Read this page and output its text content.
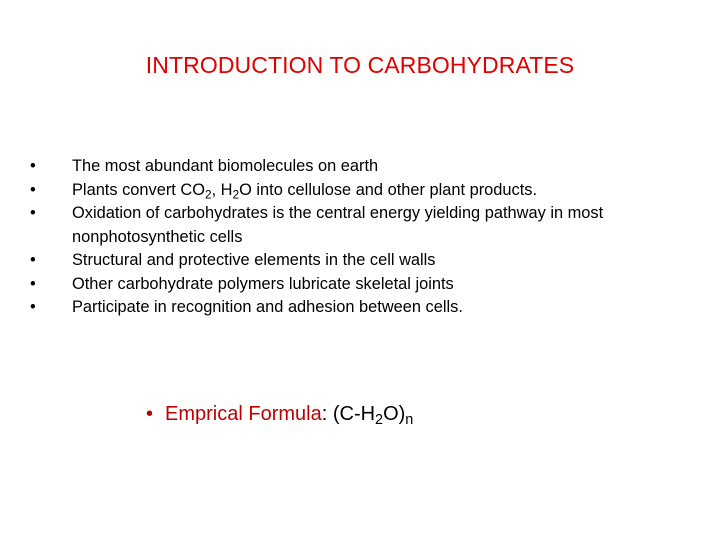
INTRODUCTION TO CARBOHYDRATES
•	The most abundant biomolecules on earth
•	Plants convert $CO_2$, $H_2O$ into cellulose and other plant products.
•	Oxidation of carbohydrates is the central energy yielding pathway in most nonphotosynthetic cells
•	Structural and protective elements in the cell walls
•	Other carbohydrate polymers lubricate skeletal joints
•	Participate in recognition and adhesion between cells.
• Emprical Formula: $(C-H_2O)_n$
